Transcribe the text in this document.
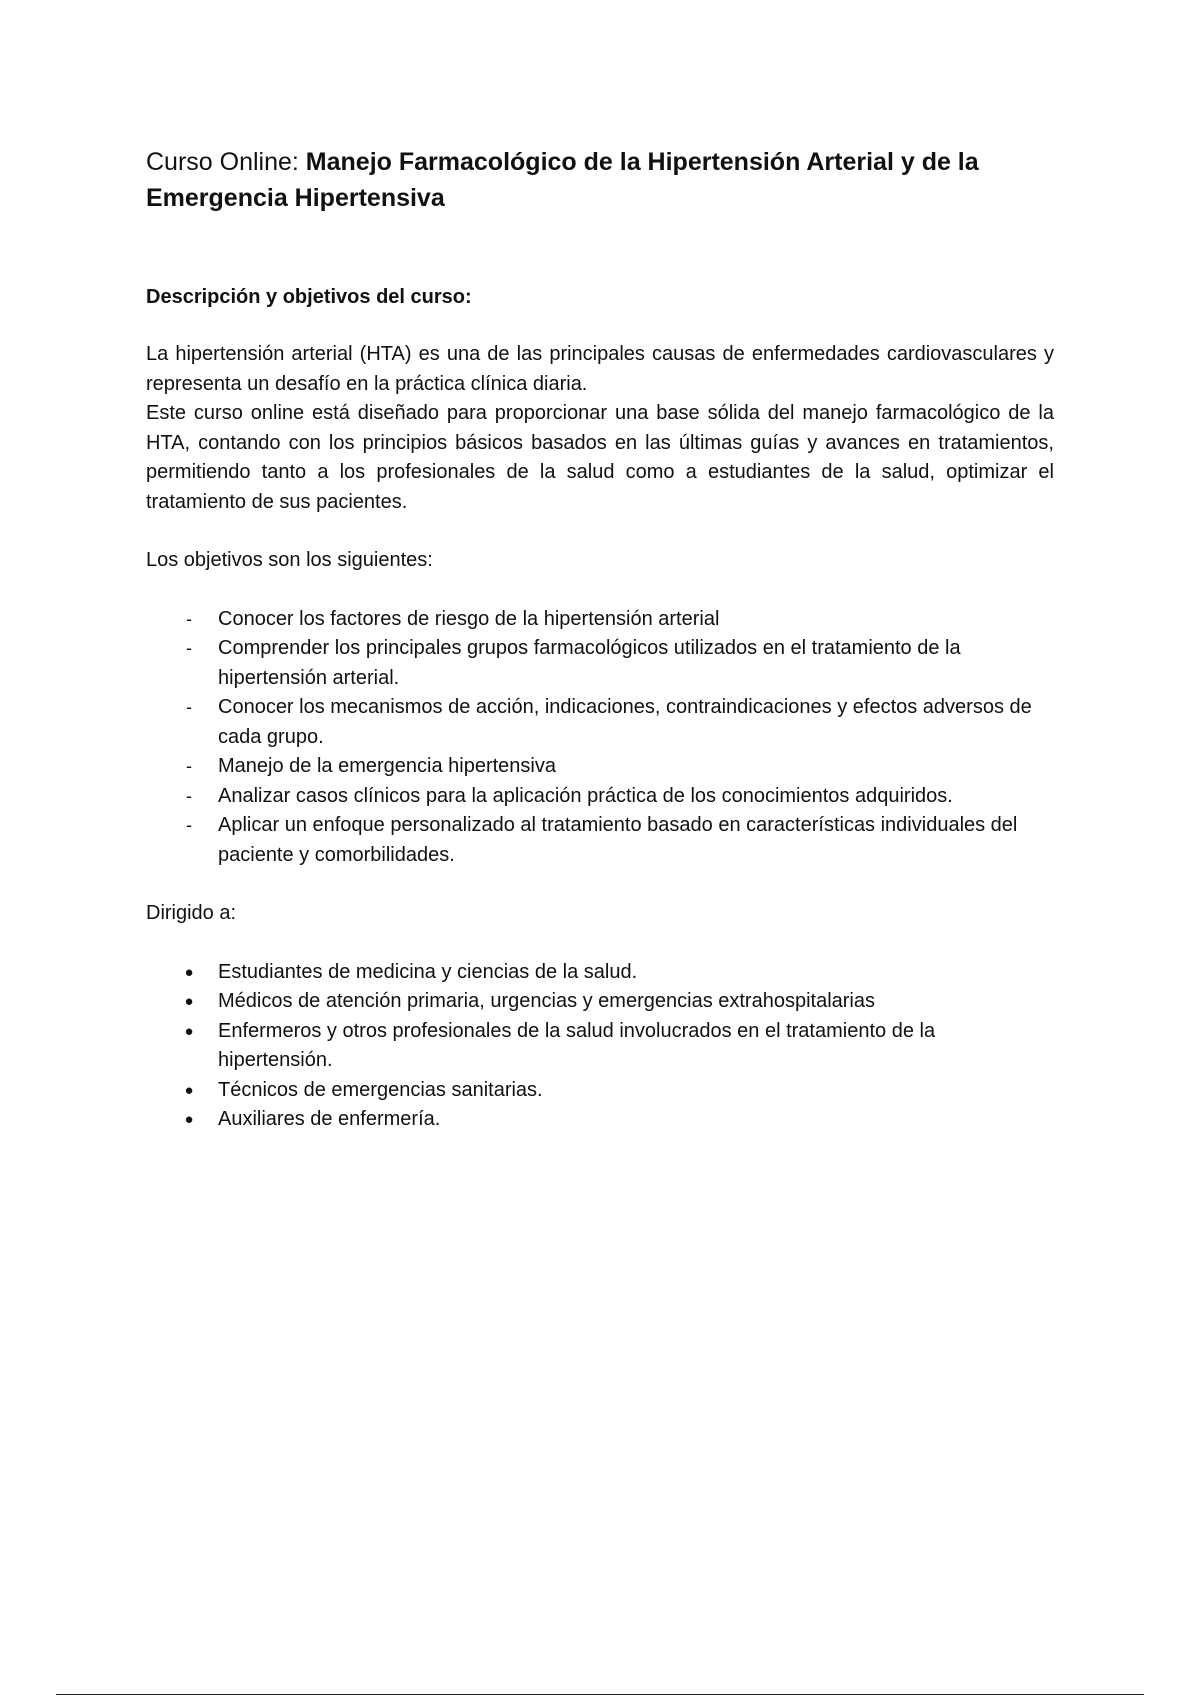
Curso Online: Manejo Farmacológico de la Hipertensión Arterial y de la Emergencia Hipertensiva
Descripción y objetivos del curso:

La hipertensión arterial (HTA) es una de las principales causas de enfermedades cardiovasculares y representa un desafío en la práctica clínica diaria.

Este curso online está diseñado para proporcionar una base sólida del manejo farmacológico de la HTA, contando con los principios básicos basados en las últimas guías y avances en tratamientos, permitiendo tanto a los profesionales de la salud como a estudiantes de la salud, optimizar el tratamiento de sus pacientes.

Los objetivos son los siguientes:

- Conocer los factores de riesgo de la hipertensión arterial
- Comprender los principales grupos farmacológicos utilizados en el tratamiento de la hipertensión arterial.
- Conocer los mecanismos de acción, indicaciones, contraindicaciones y efectos adversos de cada grupo.
- Manejo de la emergencia hipertensiva
- Analizar casos clínicos para la aplicación práctica de los conocimientos adquiridos.
- Aplicar un enfoque personalizado al tratamiento basado en características individuales del paciente y comorbilidades.

Dirigido a:

● Estudiantes de medicina y ciencias de la salud.
● Médicos de atención primaria, urgencias y emergencias extrahospitalarias
● Enfermeros y otros profesionales de la salud involucrados en el tratamiento de la hipertensión.
● Técnicos de emergencias sanitarias.
● Auxiliares de enfermería.
